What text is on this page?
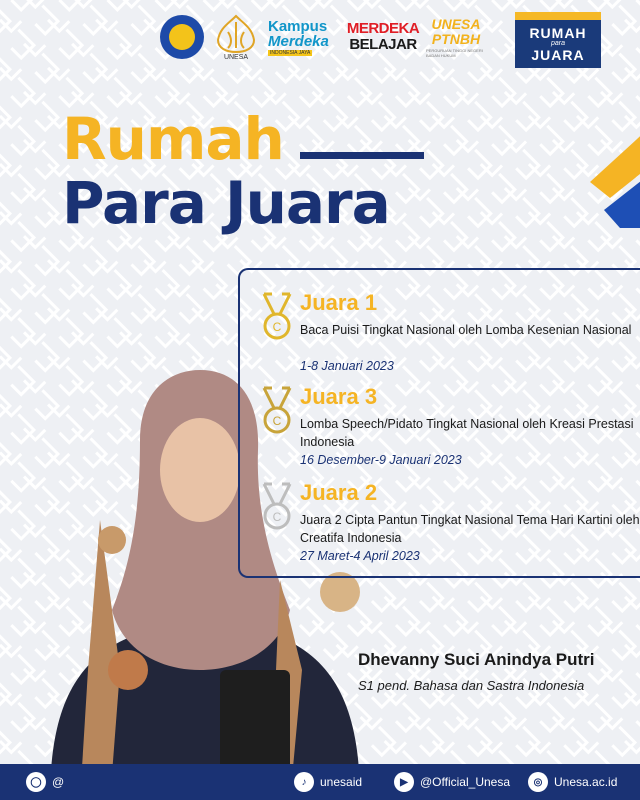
UNESA
Kampus
Merdeka
INDONESIA JAYA
MERDEKA
BELAJAR
UNESA
PTNBH
PERGURUAN TINGGI NEGERI BADAN HUKUM
RUMAH
para
JUARA
Rumah
Para Juara
C
Juara 1
Baca Puisi Tingkat Nasional oleh Lomba Kesenian Nasional
1-8 Januari 2023
C
Juara 3
Lomba Speech/Pidato Tingkat Nasional oleh Kreasi Prestasi Indonesia
16 Desember-9 Januari 2023
C
Juara 2
Juara 2 Cipta Pantun Tingkat Nasional Tema Hari Kartini oleh Creatifa Indonesia
27 Maret-4 April 2023
Dhevanny Suci Anindya Putri
S1 pend. Bahasa dan Sastra Indonesia
◯ @	♪	unesaid	▶	@Official_Unesa	◎ Unesa.ac.id
